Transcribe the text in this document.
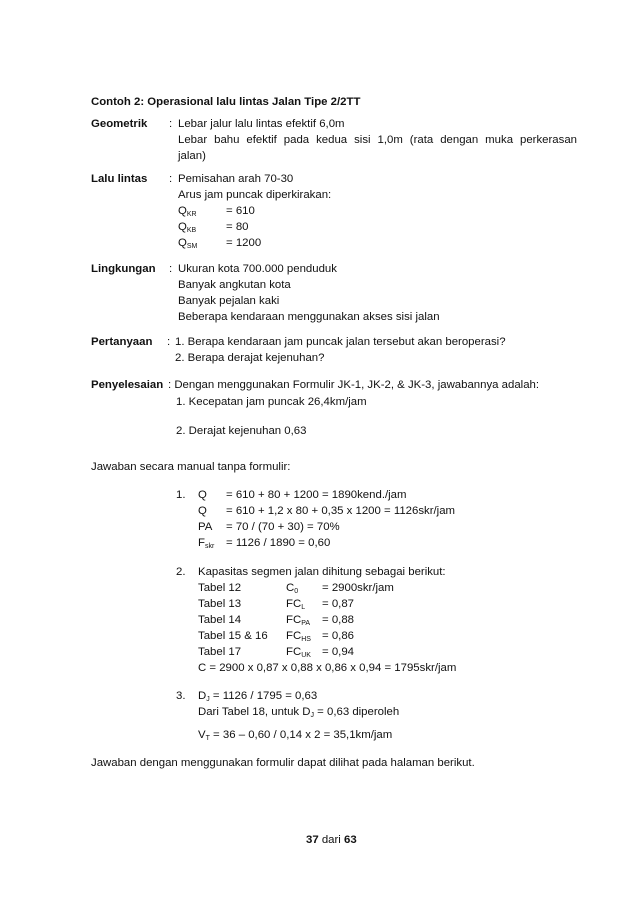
Contoh 2: Operasional lalu lintas Jalan Tipe 2/2TT
Geometrik : Lebar jalur lalu lintas efektif 6,0m
Lebar bahu efektif pada kedua sisi 1,0m (rata dengan muka perkerasan
jalan)
Lalu lintas : Pemisahan arah 70-30
Arus jam puncak diperkirakan:
$Q_{KR}$	= 610
$Q_{KB}$	= 80
$Q_{SM}$	= 1200
Lingkungan : Ukuran kota 700.000 penduduk
Banyak angkutan kota
Banyak pejalan kaki
Beberapa kendaraan menggunakan akses sisi jalan
Pertanyaan : 1. Berapa kendaraan jam puncak jalan tersebut akan beroperasi?
2. Berapa derajat kejenuhan?
Penyelesaian : Dengan menggunakan Formulir JK-1, JK-2, & JK-3, jawabannya adalah:
1. Kecepatan jam puncak 26,4km/jam
2. Derajat kejenuhan 0,63
Jawaban secara manual tanpa formulir:
1. Q = 610 + 80 + 1200 = 1890kend./jam
Q = 610 + 1,2 x 80 + 0,35 x 1200 = 1126skr/jam
PA = 70 / (70 + 30) = 70%
$F_{skr} = 1126 / 1890 = 0,60$
2. Kapasitas segmen jalan dihitung sebagai berikut:
Tabel 12	$C_0 = 2900skr/jam$
Tabel 13	$FC_L = 0,87$
Tabel 14	$FC_{PA} = 0,88$
Tabel 15 & 16 $FC_{HS} = 0,86$
Tabel 17	$FC_{UK} = 0,94$
C = 2900 x 0,87 x 0,88 x 0,86 x 0,94 = 1795skr/jam
3. $D_J = 1126 / 1795 = 0,63$
Dari Tabel 18, untuk $D_J = 0,63$ diperoleh
$V_T = 36 - 0,60 / 0,14$ x 2 = 35,1km/jam
Jawaban dengan menggunakan formulir dapat dilihat pada halaman berikut.
37 dari 63
